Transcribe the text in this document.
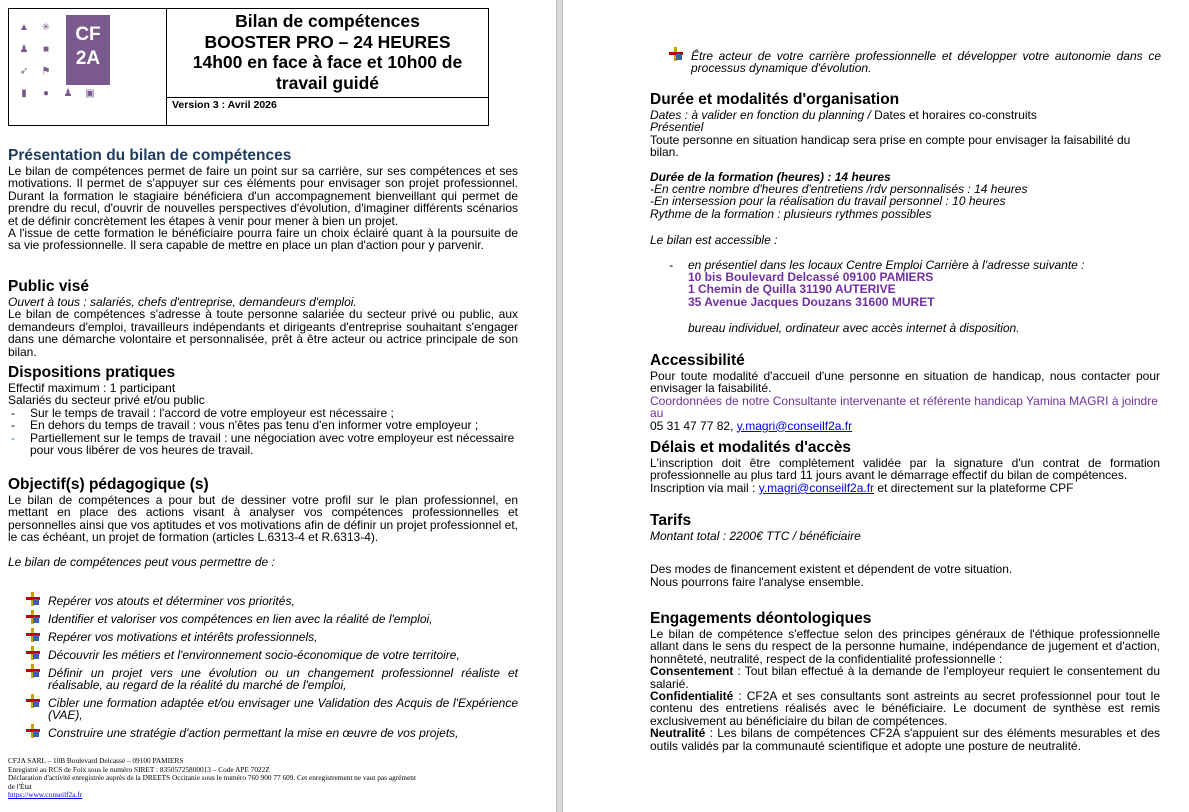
▲ ✳
♟ ■
➶ ⚑
▮ ● ♟ ▣
CF
2A
Bilan de compétences
BOOSTER PRO – 24 HEURES
14h00 en face à face et 10h00 de
travail guidé
Version 3 : Avril 2026
Présentation du bilan de compétences
Le bilan de compétences permet de faire un point sur sa carrière, sur ses compétences et ses motivations. Il permet de s'appuyer sur ces éléments pour envisager son projet professionnel. Durant la formation le stagiaire bénéficiera d'un accompagnement bienveillant qui permet de prendre du recul, d'ouvrir de nouvelles perspectives d'évolution, d'imaginer différents scénarios et de définir concrètement les étapes à venir pour mener à bien un projet.
A l'issue de cette formation le bénéficiaire pourra faire un choix éclairé quant à la poursuite de sa vie professionnelle. Il sera capable de mettre en place un plan d'action pour y parvenir.
Public visé
Ouvert à tous : salariés, chefs d'entreprise, demandeurs d'emploi.
Le bilan de compétences s'adresse à toute personne salariée du secteur privé ou public, aux demandeurs d'emploi, travailleurs indépendants et dirigeants d'entreprise souhaitant s'engager dans une démarche volontaire et personnalisée, prêt à être acteur ou actrice principale de son bilan.
Dispositions pratiques
Effectif maximum : 1 participant
Salariés du secteur privé et/ou public
- Sur le temps de travail : l'accord de votre employeur est nécessaire ;
- En dehors du temps de travail : vous n'êtes pas tenu d'en informer votre employeur ;
- Partiellement sur le temps de travail : une négociation avec votre employeur est nécessaire pour vous libérer de vos heures de travail.
Objectif(s) pédagogique (s)
Le bilan de compétences a pour but de dessiner votre profil sur le plan professionnel, en mettant en place des actions visant à analyser vos compétences professionnelles et personnelles ainsi que vos aptitudes et vos motivations afin de définir un projet professionnel et, le cas échéant, un projet de formation (articles L.6313-4 et R.6313-4).
Le bilan de compétences peut vous permettre de :
Repérer vos atouts et déterminer vos priorités,
Identifier et valoriser vos compétences en lien avec la réalité de l'emploi,
Repérer vos motivations et intérêts professionnels,
Découvrir les métiers et l'environnement socio-économique de votre territoire,
Définir un projet vers une évolution ou un changement professionnel réaliste et réalisable, au regard de la réalité du marché de l'emploi,
Cibler une formation adaptée et/ou envisager une Validation des Acquis de l'Expérience (VAE),
Construire une stratégie d'action permettant la mise en œuvre de vos projets,
CF2A SARL – 10B Boulevard Delcassé – 09100 PAMIERS
Enregistré au RCS de Foix sous le numéro SIRET : 83505725800013 – Code APE 7022Z
Déclaration d'activité enregistrée auprès de la DREETS Occitanie sous le numéro 760 900 77 609. Cet enregistrement ne vaut pas agrément
de l'État
https://www.conseilf2a.fr
Être acteur de votre carrière professionnelle et développer votre autonomie dans ce processus dynamique d'évolution.
Durée et modalités d'organisation
Dates : à valider en fonction du planning / Dates et horaires co-construits
Présentiel
Toute personne en situation handicap sera prise en compte pour envisager la faisabilité du bilan.
Durée de la formation (heures) : 14 heures
-En centre nombre d'heures d'entretiens /rdv personnalisés : 14 heures
-En intersession pour la réalisation du travail personnel : 10 heures
Rythme de la formation : plusieurs rythmes possibles
Le bilan est accessible :
- en présentiel dans les locaux Centre Emploi Carrière à l'adresse suivante :
10 bis Boulevard Delcassé 09100 PAMIERS
1 Chemin de Quilla 31190 AUTERIVE
35 Avenue Jacques Douzans 31600 MURET
bureau individuel, ordinateur avec accès internet à disposition.
Accessibilité
Pour toute modalité d'accueil d'une personne en situation de handicap, nous contacter pour envisager la faisabilité.
Coordonnées de notre Consultante intervenante et référente handicap Yamina MAGRI à joindre au
05 31 47 77 82, y.magri@conseilf2a.fr
Délais et modalités d'accès
L'inscription doit être complètement validée par la signature d'un contrat de formation professionnelle au plus tard 11 jours avant le démarrage effectif du bilan de compétences.
Inscription via mail : y.magri@conseilf2a.fr et directement sur la plateforme CPF
Tarifs
Montant total : 2200€ TTC / bénéficiaire
Des modes de financement existent et dépendent de votre situation.
Nous pourrons faire l'analyse ensemble.
Engagements déontologiques
Le bilan de compétence s'effectue selon des principes généraux de l'éthique professionnelle allant dans le sens du respect de la personne humaine, indépendance de jugement et d'action, honnêteté, neutralité, respect de la confidentialité professionnelle :
Consentement : Tout bilan effectué à la demande de l'employeur requiert le consentement du salarié.
Confidentialité : CF2A et ses consultants sont astreints au secret professionnel pour tout le contenu des entretiens réalisés avec le bénéficiaire. Le document de synthèse est remis exclusivement au bénéficiaire du bilan de compétences.
Neutralité : Les bilans de compétences CF2A s'appuient sur des éléments mesurables et des outils validés par la communauté scientifique et adopte une posture de neutralité.
